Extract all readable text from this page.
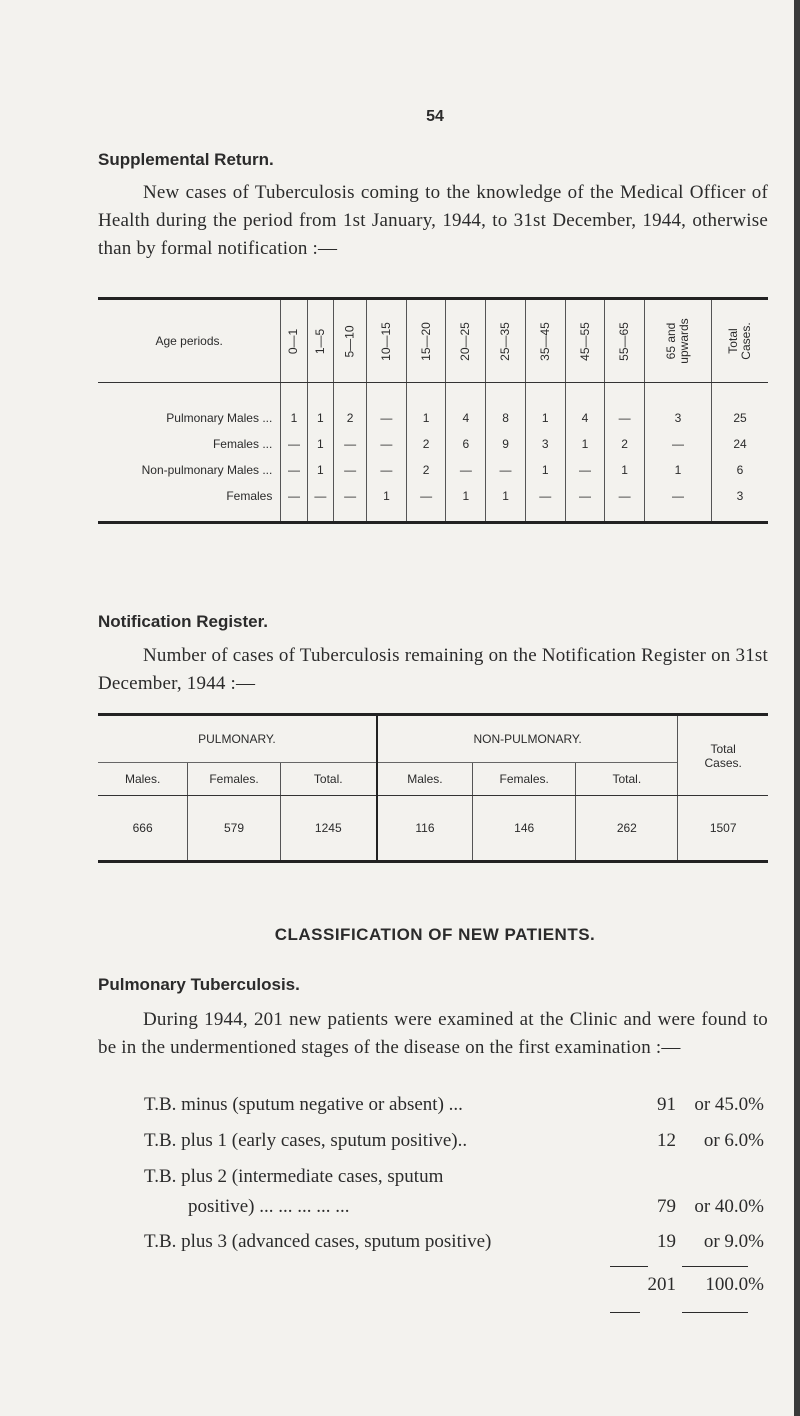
54
Supplemental Return.

New cases of Tuberculosis coming to the knowledge of the Medical Officer of Health during the period from 1st January, 1944, to 31st December, 1944, otherwise than by formal notification :—

Age periods.	0—1	1—5	5—10	10—15	15—20	20—25	25—35	35—45	45—55	55—65	65 and upwards	Total Cases.
Pulmonary Males ...	1	1	2	—	1	4	8	1	4	—	3	25
Females ...	—	1	—	—	2	6	9	3	1	2	—	24
Non-pulmonary Males ...	—	1	—	—	2	—	—	1	—	1	1	6
Females	—	—	—	1	—	1	1	—	—	—	—	3
Notification Register.

Number of cases of Tuberculosis remaining on the Notification Register on 31st December, 1944 :—

PULMONARY.			NON-PULMONARY.			Total Cases.
Males.	Females.	Total.	Males.	Females.	Total.	
666	579	1245	116	146	262	1507
CLASSIFICATION OF NEW PATIENTS.
Pulmonary Tuberculosis.

During 1944, 201 new patients were examined at the Clinic and were found to be in the undermentioned stages of the disease on the first examination :—

T.B. minus (sputum negative or absent) ...	91 or 45.0%
T.B. plus 1 (early cases, sputum positive)..	12 or 6.0%
T.B. plus 2 (intermediate cases, sputum
positive) ... ... ... ... ...	79 or 40.0%
T.B. plus 3 (advanced cases, sputum positive)	19 or 9.0%
201 100.0%
